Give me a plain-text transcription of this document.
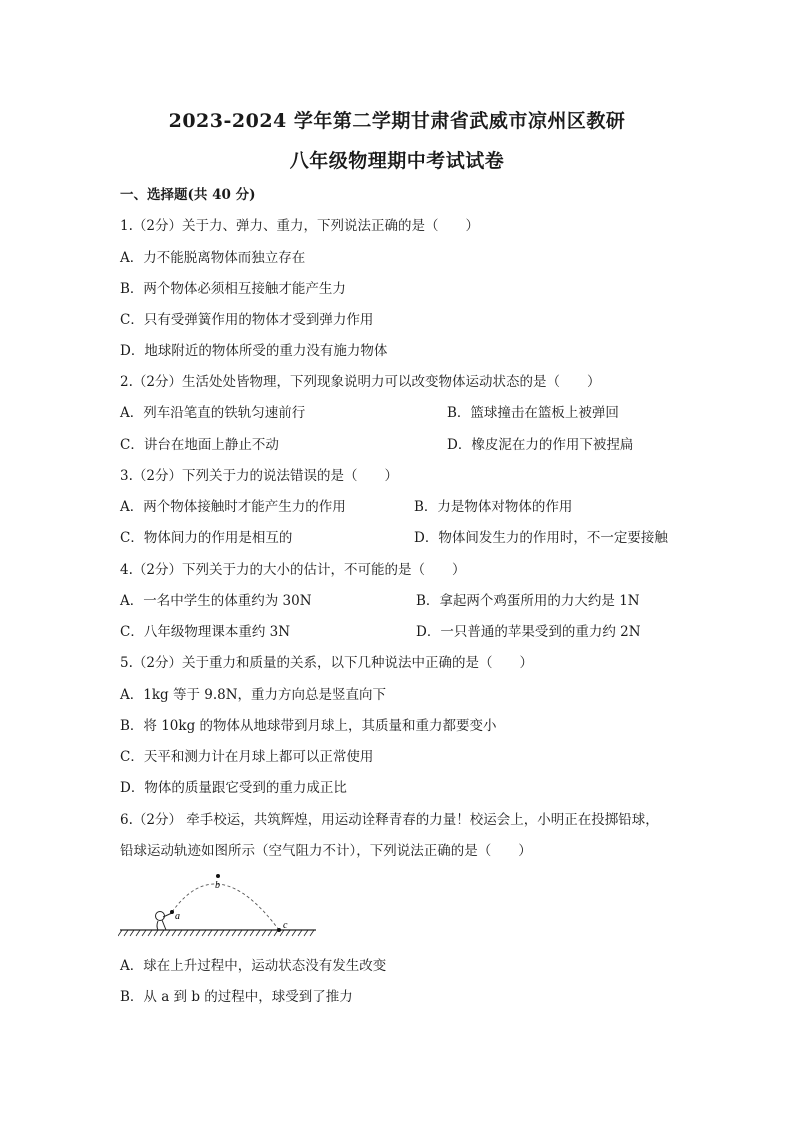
2023-2024 学年第二学期甘肃省武威市凉州区教研
八年级物理期中考试试卷
一、选择题(共 40 分)
1.（2分）关于力、弹力、重力，下列说法正确的是（　　）
A．力不能脱离物体而独立存在
B．两个物体必须相互接触才能产生力
C．只有受弹簧作用的物体才受到弹力作用
D．地球附近的物体所受的重力没有施力物体
2.（2分）生活处处皆物理，下列现象说明力可以改变物体运动状态的是（　　）
A．列车沿笔直的铁轨匀速前行	B．篮球撞击在篮板上被弹回
C．讲台在地面上静止不动	D．橡皮泥在力的作用下被捏扁
3.（2分）下列关于力的说法错误的是（　　）
A．两个物体接触时才能产生力的作用	B．力是物体对物体的作用
C．物体间力的作用是相互的	D．物体间发生力的作用时，不一定要接触
4.（2分）下列关于力的大小的估计，不可能的是（　　）
A．一名中学生的体重约为 30N	B．拿起两个鸡蛋所用的力大约是 1N
C．八年级物理课本重约 3N	D．一只普通的苹果受到的重力约 2N
5.（2分）关于重力和质量的关系，以下几种说法中正确的是（　　）
A．1kg 等于 9.8N，重力方向总是竖直向下
B．将 10kg 的物体从地球带到月球上，其质量和重力都要变小
C．天平和测力计在月球上都可以正常使用
D．物体的质量跟它受到的重力成正比
6.（2分） 牵手校运，共筑辉煌，用运动诠释青春的力量！校运会上，小明正在投掷铅球，
铅球运动轨迹如图所示（空气阻力不计），下列说法正确的是（　　）
a
b
c
A．球在上升过程中，运动状态没有发生改变
B．从 a 到 b 的过程中，球受到了推力
